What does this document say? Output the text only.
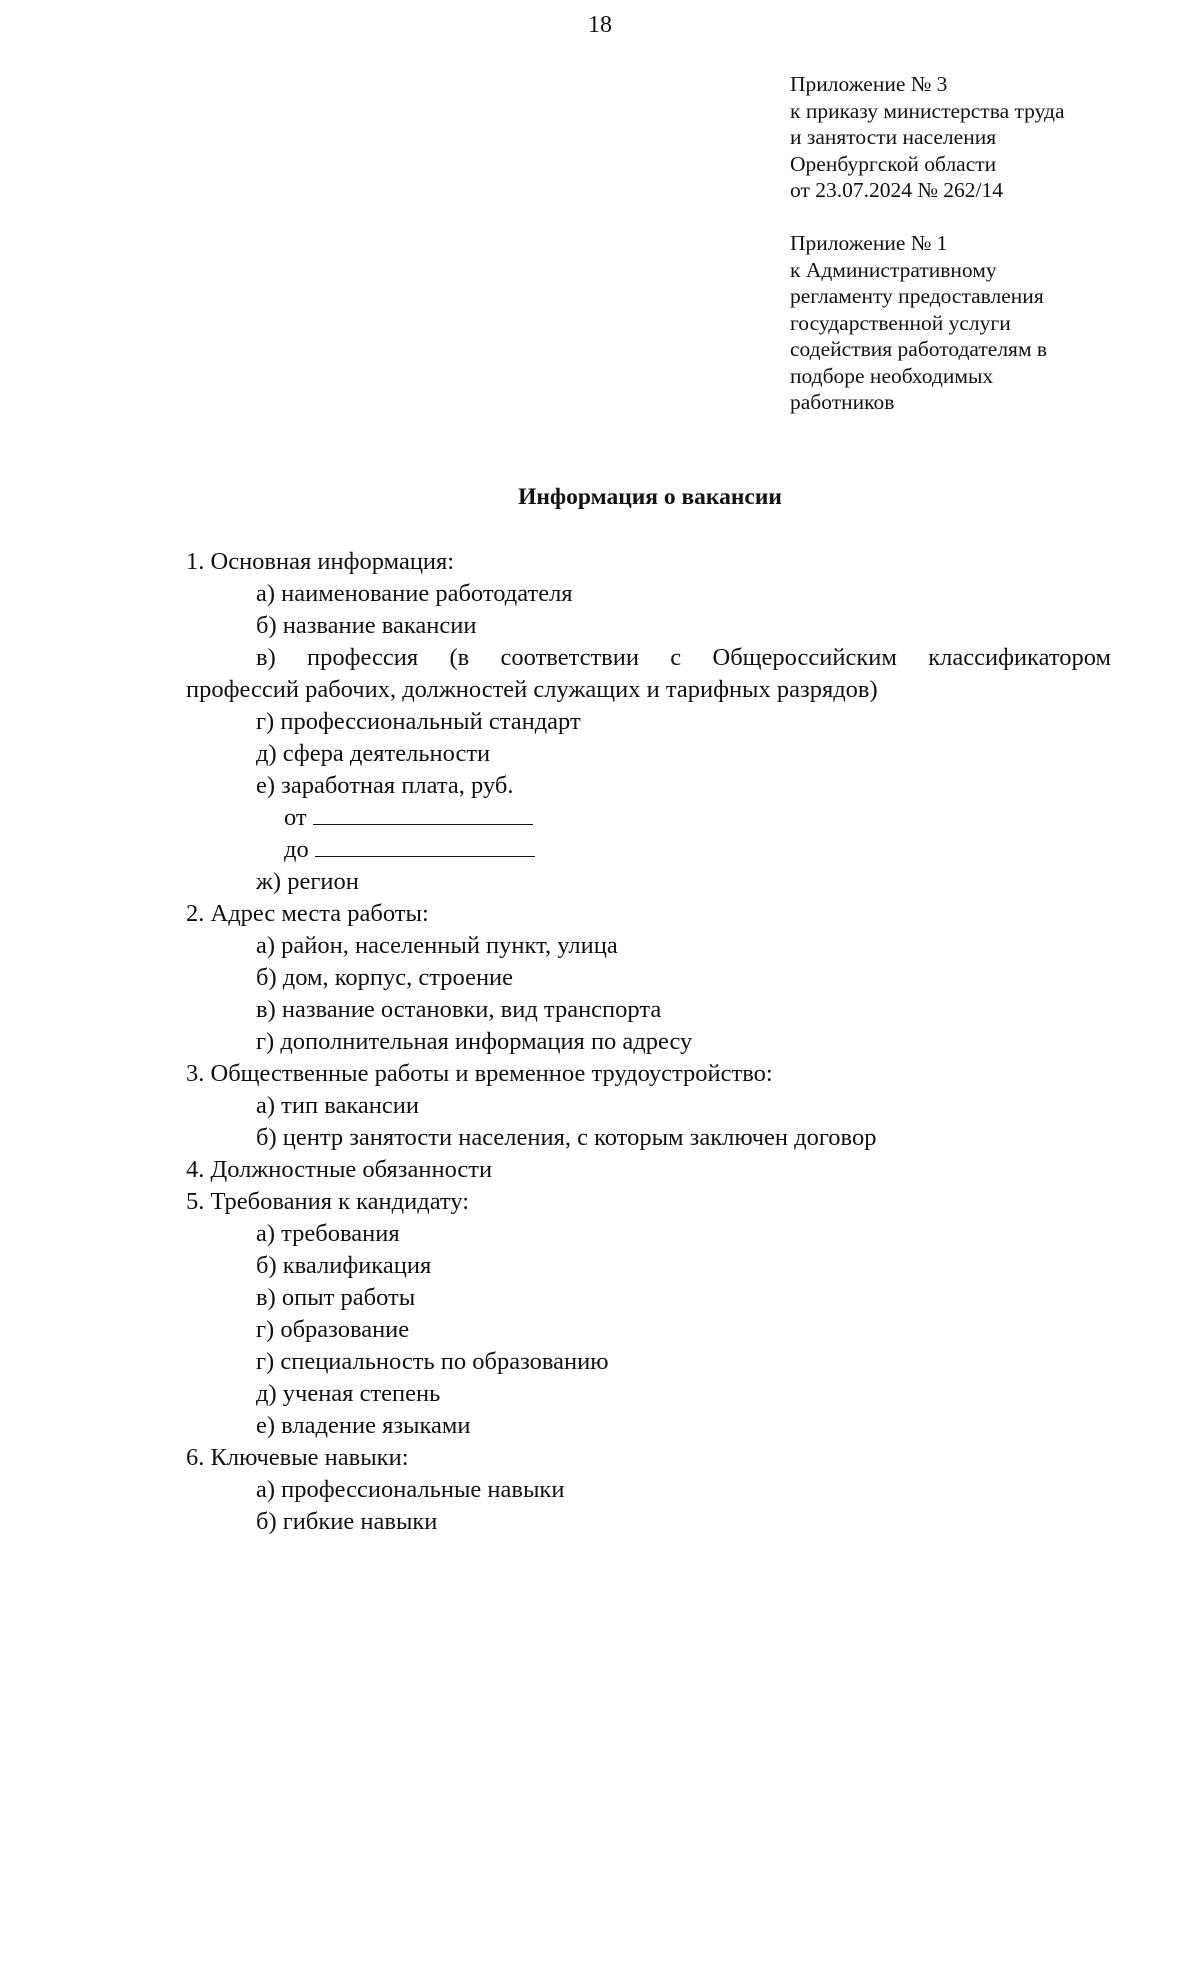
18
Приложение № 3
к приказу министерства труда
и занятости населения
Оренбургской области
от 23.07.2024 № 262/14
Приложение № 1
к Административному
регламенту предоставления
государственной услуги
содействия работодателям в
подборе необходимых
работников
Информация о вакансии
1. Основная информация:
а) наименование работодателя
б) название вакансии
в) профессия (в соответствии с Общероссийским классификатором
профессий рабочих, должностей служащих и тарифных разрядов)
г) профессиональный стандарт
д) сфера деятельности
е) заработная плата, руб.
от
до
ж) регион
2. Адрес места работы:
а) район, населенный пункт, улица
б) дом, корпус, строение
в) название остановки, вид транспорта
г) дополнительная информация по адресу
3. Общественные работы и временное трудоустройство:
а) тип вакансии
б) центр занятости населения, с которым заключен договор
4. Должностные обязанности
5. Требования к кандидату:
а) требования
б) квалификация
в) опыт работы
г) образование
г) специальность по образованию
д) ученая степень
е) владение языками
6. Ключевые навыки:
а) профессиональные навыки
б) гибкие навыки
